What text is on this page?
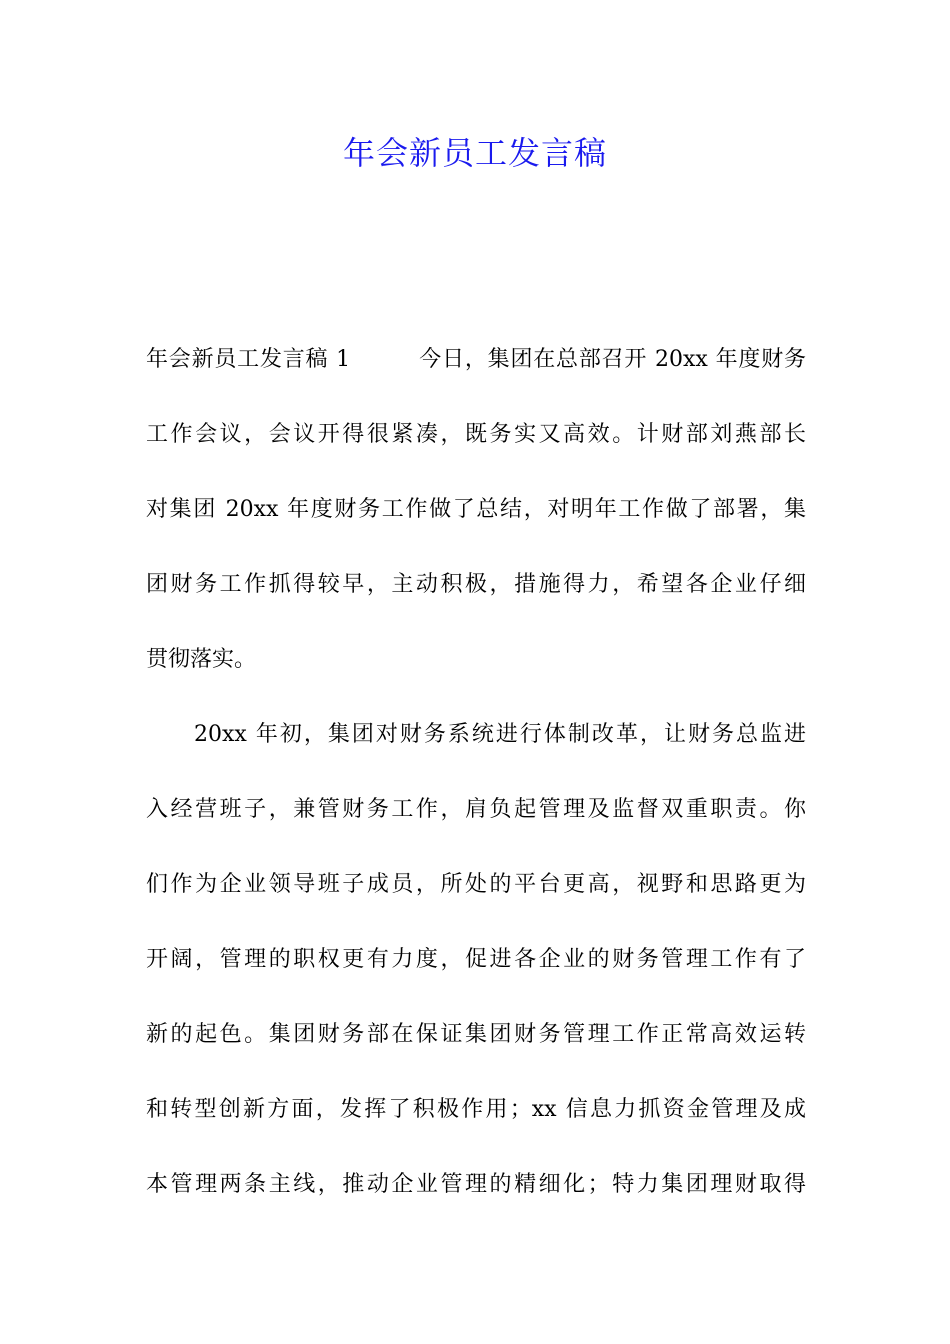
年会新员工发言稿
年会新员工发言稿 1　　　今日，集团在总部召开 20xx 年度财务
工作会议，会议开得很紧凑，既务实又高效。计财部刘燕部长
对集团 20xx 年度财务工作做了总结，对明年工作做了部署，集
团财务工作抓得较早，主动积极，措施得力，希望各企业仔细
贯彻落实。
　　20xx 年初，集团对财务系统进行体制改革，让财务总监进
入经营班子，兼管财务工作，肩负起管理及监督双重职责。你
们作为企业领导班子成员，所处的平台更高，视野和思路更为
开阔，管理的职权更有力度，促进各企业的财务管理工作有了
新的起色。集团财务部在保证集团财务管理工作正常高效运转
和转型创新方面，发挥了积极作用；xx 信息力抓资金管理及成
本管理两条主线，推动企业管理的精细化；特力集团理财取得
